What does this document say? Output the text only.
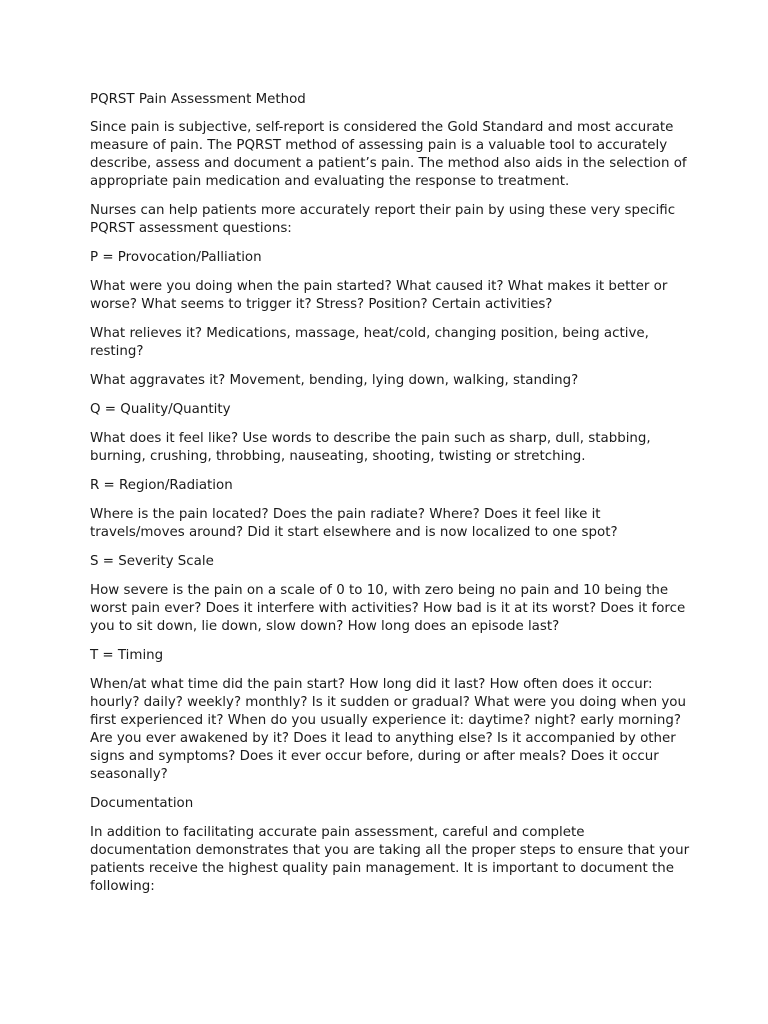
PQRST Pain Assessment Method

Since pain is subjective, self-report is considered the Gold Standard and most accurate measure of pain. The PQRST method of assessing pain is a valuable tool to accurately describe, assess and document a patient’s pain. The method also aids in the selection of appropriate pain medication and evaluating the response to treatment.

Nurses can help patients more accurately report their pain by using these very specific PQRST assessment questions:

P = Provocation/Palliation

What were you doing when the pain started? What caused it? What makes it better or worse? What seems to trigger it? Stress? Position? Certain activities?

What relieves it? Medications, massage, heat/cold, changing position, being active, resting?

What aggravates it? Movement, bending, lying down, walking, standing?

Q = Quality/Quantity

What does it feel like? Use words to describe the pain such as sharp, dull, stabbing, burning, crushing, throbbing, nauseating, shooting, twisting or stretching.

R = Region/Radiation

Where is the pain located? Does the pain radiate? Where? Does it feel like it travels/moves around? Did it start elsewhere and is now localized to one spot?

S = Severity Scale

How severe is the pain on a scale of 0 to 10, with zero being no pain and 10 being the worst pain ever? Does it interfere with activities? How bad is it at its worst? Does it force you to sit down, lie down, slow down? How long does an episode last?

T = Timing

When/at what time did the pain start? How long did it last? How often does it occur: hourly? daily? weekly? monthly? Is it sudden or gradual? What were you doing when you first experienced it? When do you usually experience it: daytime? night? early morning? Are you ever awakened by it? Does it lead to anything else? Is it accompanied by other signs and symptoms? Does it ever occur before, during or after meals? Does it occur seasonally?

Documentation

In addition to facilitating accurate pain assessment, careful and complete documentation demonstrates that you are taking all the proper steps to ensure that your patients receive the highest quality pain management. It is important to document the following:
